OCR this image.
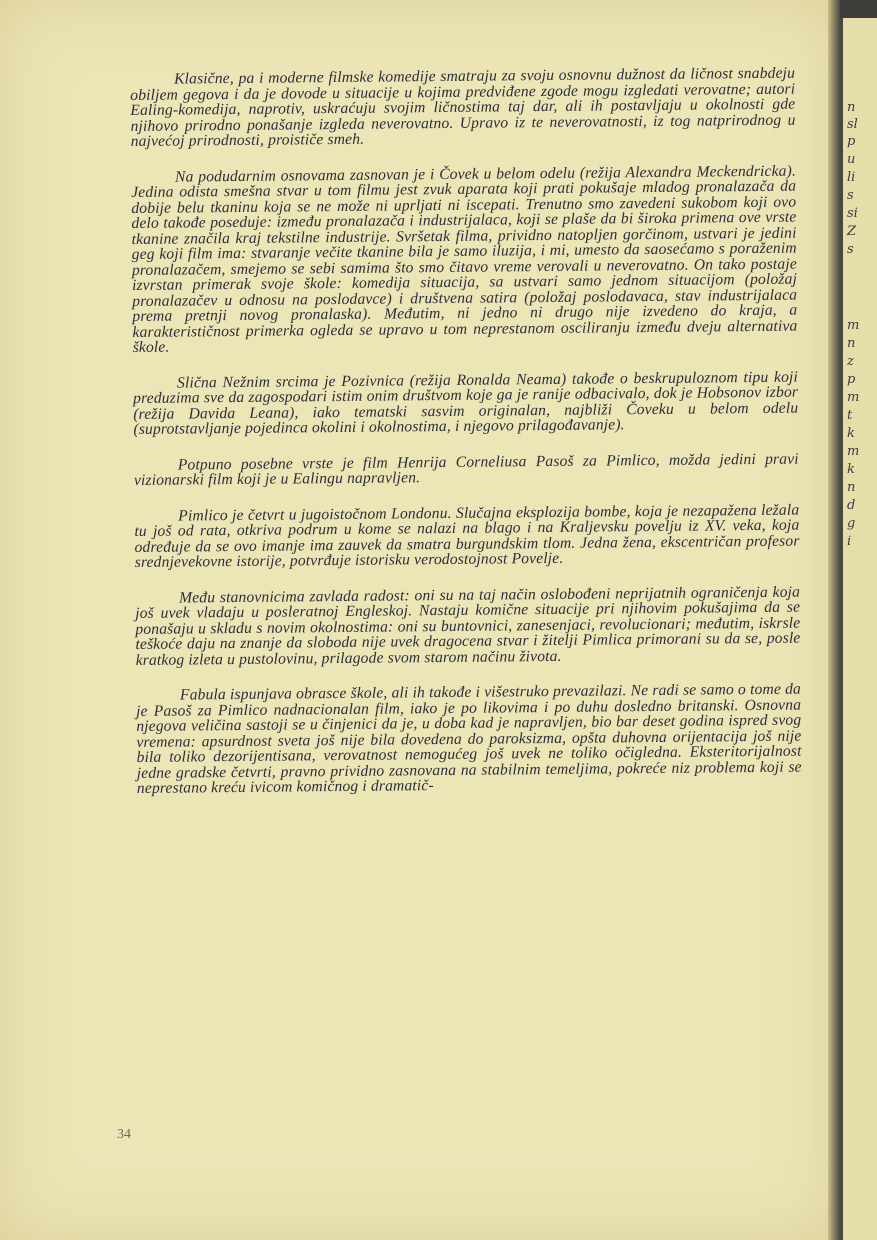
Klasične, pa i moderne filmske komedije smatraju za svoju osnovnu dužnost da ličnost snabdeju obiljem gegova i da je dovode u situacije u kojima predviđene zgode mogu izgledati verovatne; autori Ealing-komedija, naprotiv, uskraćuju svojim ličnostima taj dar, ali ih postavljaju u okolnosti gde njihovo prirodno ponašanje izgleda neverovatno. Upravo iz te neverovatnosti, iz tog natprirodnog u najvećoj prirodnosti, proističe smeh.

Na podudarnim osnovama zasnovan je i Čovek u belom odelu (režija Alexandra Meckendricka). Jedina odista smešna stvar u tom filmu jest zvuk aparata koji prati pokušaje mladog pronalazača da dobije belu tkaninu koja se ne može ni uprljati ni iscepati. Trenutno smo zavedeni sukobom koji ovo delo takođe poseduje: između pronalazača i industrijalaca, koji se plaše da bi široka primena ove vrste tkanine značila kraj tekstilne industrije. Svršetak filma, prividno natopljen gorčinom, ustvari je jedini geg koji film ima: stvaranje večite tkanine bila je samo iluzija, i mi, umesto da saosećamo s poraženim pronalazačem, smejemo se sebi samima što smo čitavo vreme verovali u neverovatno. On tako postaje izvrstan primerak svoje škole: komedija situacija, sa ustvari samo jednom situacijom (položaj pronalazačev u odnosu na poslodavce) i društvena satira (položaj poslodavaca, stav industrijalaca prema pretnji novog pronalaska). Međutim, ni jedno ni drugo nije izvedeno do kraja, a karakterističnost primerka ogleda se upravo u tom neprestanom osciliranju između dveju alternativa škole.

Slična Nežnim srcima je Pozivnica (režija Ronalda Neama) takođe o beskrupuloznom tipu koji preduzima sve da zagospodari istim onim društvom koje ga je ranije odbacivalo, dok je Hobsonov izbor (režija Davida Leana), iako tematski sasvim originalan, najbliži Čoveku u belom odelu (suprotstavljanje pojedinca okolini i okolnostima, i njegovo prilagođavanje).

Potpuno posebne vrste je film Henrija Corneliusa Pasoš za Pimlico, možda jedini pravi vizionarski film koji je u Ealingu napravljen.

Pimlico je četvrt u jugoistočnom Londonu. Slučajna eksplozija bombe, koja je nezapažena ležala tu još od rata, otkriva podrum u kome se nalazi na blago i na Kraljevsku povelju iz XV. veka, koja određuje da se ovo imanje ima zauvek da smatra burgundskim tlom. Jedna žena, ekscentričan profesor srednjevekovne istorije, potvrđuje istorisku verodostojnost Povelje.

Među stanovnicima zavlada radost: oni su na taj način oslobođeni neprijatnih ograničenja koja još uvek vladaju u posleratnoj Engleskoj. Nastaju komične situacije pri njihovim pokušajima da se ponašaju u skladu s novim okolnostima: oni su buntovnici, zanesenjaci, revolucionari; međutim, iskrsle teškoće daju na znanje da sloboda nije uvek dragocena stvar i žitelji Pimlica primorani su da se, posle kratkog izleta u pustolovinu, prilagode svom starom načinu života.

Fabula ispunjava obrasce škole, ali ih takođe i višestruko prevazilazi. Ne radi se samo o tome da je Pasoš za Pimlico nadnacionalan film, iako je po likovima i po duhu dosledno britanski. Osnovna njegova veličina sastoji se u činjenici da je, u doba kad je napravljen, bio bar deset godina ispred svog vremena: apsurdnost sveta još nije bila dovedena do paroksizma, opšta duhovna orijentacija još nije bila toliko dezorijentisana, verovatnost nemogućeg još uvek ne toliko očigledna. Eksteritorijalnost jedne gradske četvrti, pravno prividno zasnovana na stabilnim temeljima, pokreće niz problema koji se neprestano kreću ivicom komičnog i dramatič-

34
n
sl
p
u
li
s
si
Z
s
m
n
z
p
m
t
k
m
k
n
d
g
i
